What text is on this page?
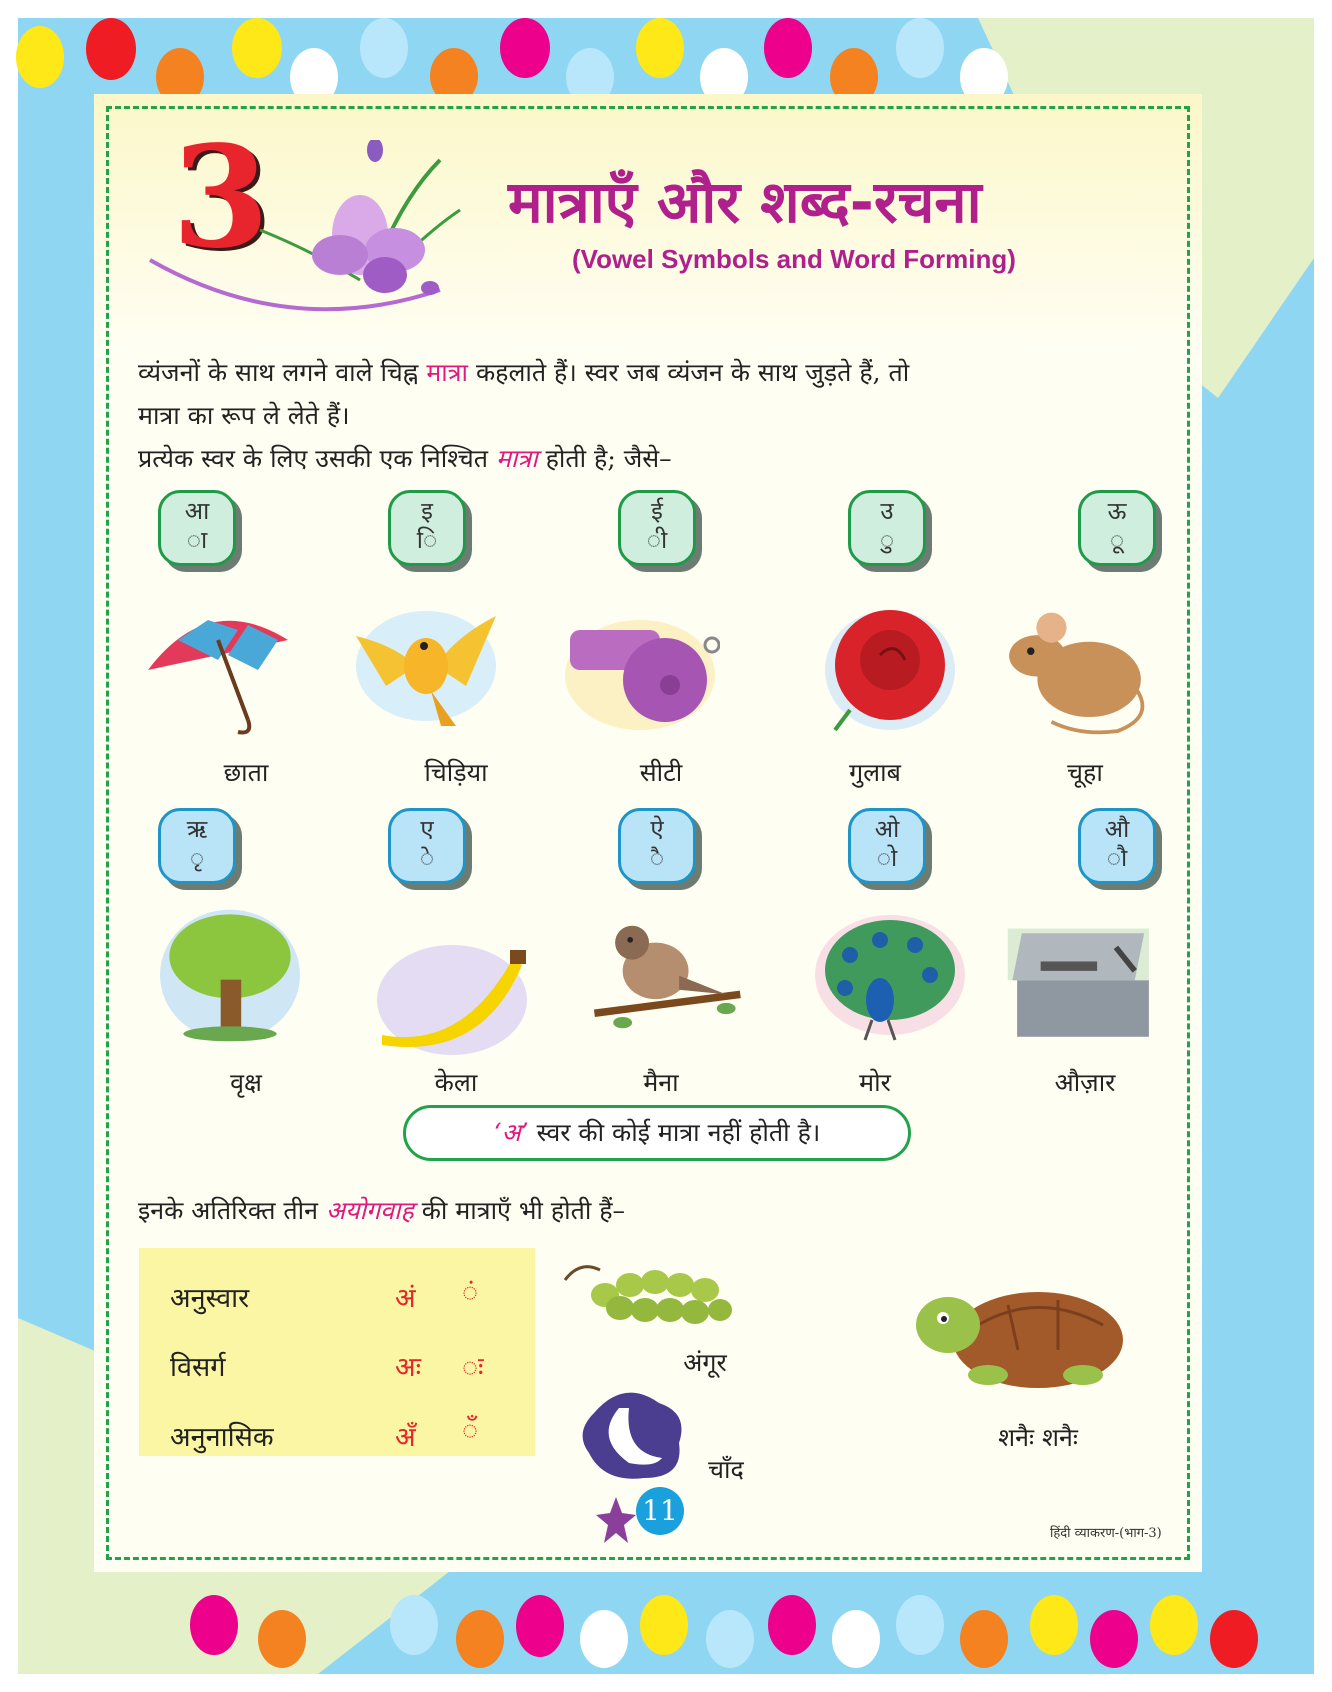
3	मात्राएँ और शब्द-रचना
(Vowel Symbols and Word Forming)
व्यंजनों के साथ लगने वाले चिह्न मात्रा कहलाते हैं। स्वर जब व्यंजन के साथ जुड़ते हैं, तो
मात्रा का रूप ले लेते हैं।
प्रत्येक स्वर के लिए उसकी एक निश्चित मात्रा होती है; जैसे–
आ
ा
इ
ि
ई
ी
उ
ु
ऊ
ू
छाता	चिड़िया	सीटी	गुलाब	चूहा
ऋ
ृ
ए
े
ऐ
ै
ओ
ो
औ
ौ
वृक्ष	केला	मैना	मोर	औज़ार
‘अ’ स्वर की कोई मात्रा नहीं होती है।
इनके अतिरिक्त तीन अयोगवाह की मात्राएँ भी होती हैं–
अनुस्वार	अं ं
विसर्ग	अः ः
अनुनासिक	अँ ँ
अंगूर
चाँद
शनै शनै
11
हिंदी व्याकरण-(भाग-3)
